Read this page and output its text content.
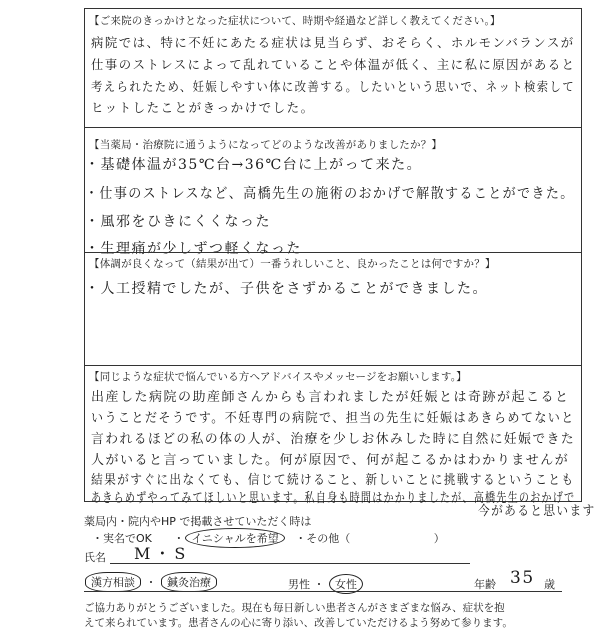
【ご来院のきっかけとなった症状について、時期や経過など詳しく教えてください。】
病院では、特に不妊にあたる症状は見当らず、おそらく、ホルモンバランスが
仕事のストレスによって乱れていることや体温が低く、主に私に原因があると
考えられたため、妊娠しやすい体に改善する。したいという思いで、ネット検索して
ヒットしたことがきっかけでした。
【当薬局・治療院に通うようになってどのような改善がありましたか？】
・基礎体温が35℃台→36℃台に上がって来た。
・仕事のストレスなど、高橋先生の施術のおかげで解散することができた。
・風邪をひきにくくなった
・生理痛が少しずつ軽くなった
【体調が良くなって（結果が出て）一番うれしいこと、良かったことは何ですか？】
・人工授精でしたが、子供をさずかることができました。
【同じような症状で悩んでいる方へアドバイスやメッセージをお願いします。】
出産した病院の助産師さんからも言われましたが妊娠とは奇跡が起こると
いうことだそうです。不妊専門の病院で、担当の先生に妊娠はあきらめてないと
言われるほどの私の体の人が、治療を少しお休みした時に自然に妊娠できた
人がいると言っていました。何が原因で、何が起こるかはわかりませんが
結果がすぐに出なくても、信じて続けること、新しいことに挑戦するということも
あきらめずやってみてほしいと思います。私自身も時間はかかりましたが、高橋先生のおかげで
今があると思います
薬局内・院内やHP で掲載させていただく時は
・実名でOK ・ イニシャルを希望 ・その他（	）
氏名 M・S
漢方相談 ・ 鍼灸治療	男性 ・ 女性	年齢 35 歳
ご協力ありがとうございました。現在も毎日新しい患者さんがさまざまな悩み、症状を抱
えて来られています。患者さんの心に寄り添い、改善していただけるよう努めて参ります。
